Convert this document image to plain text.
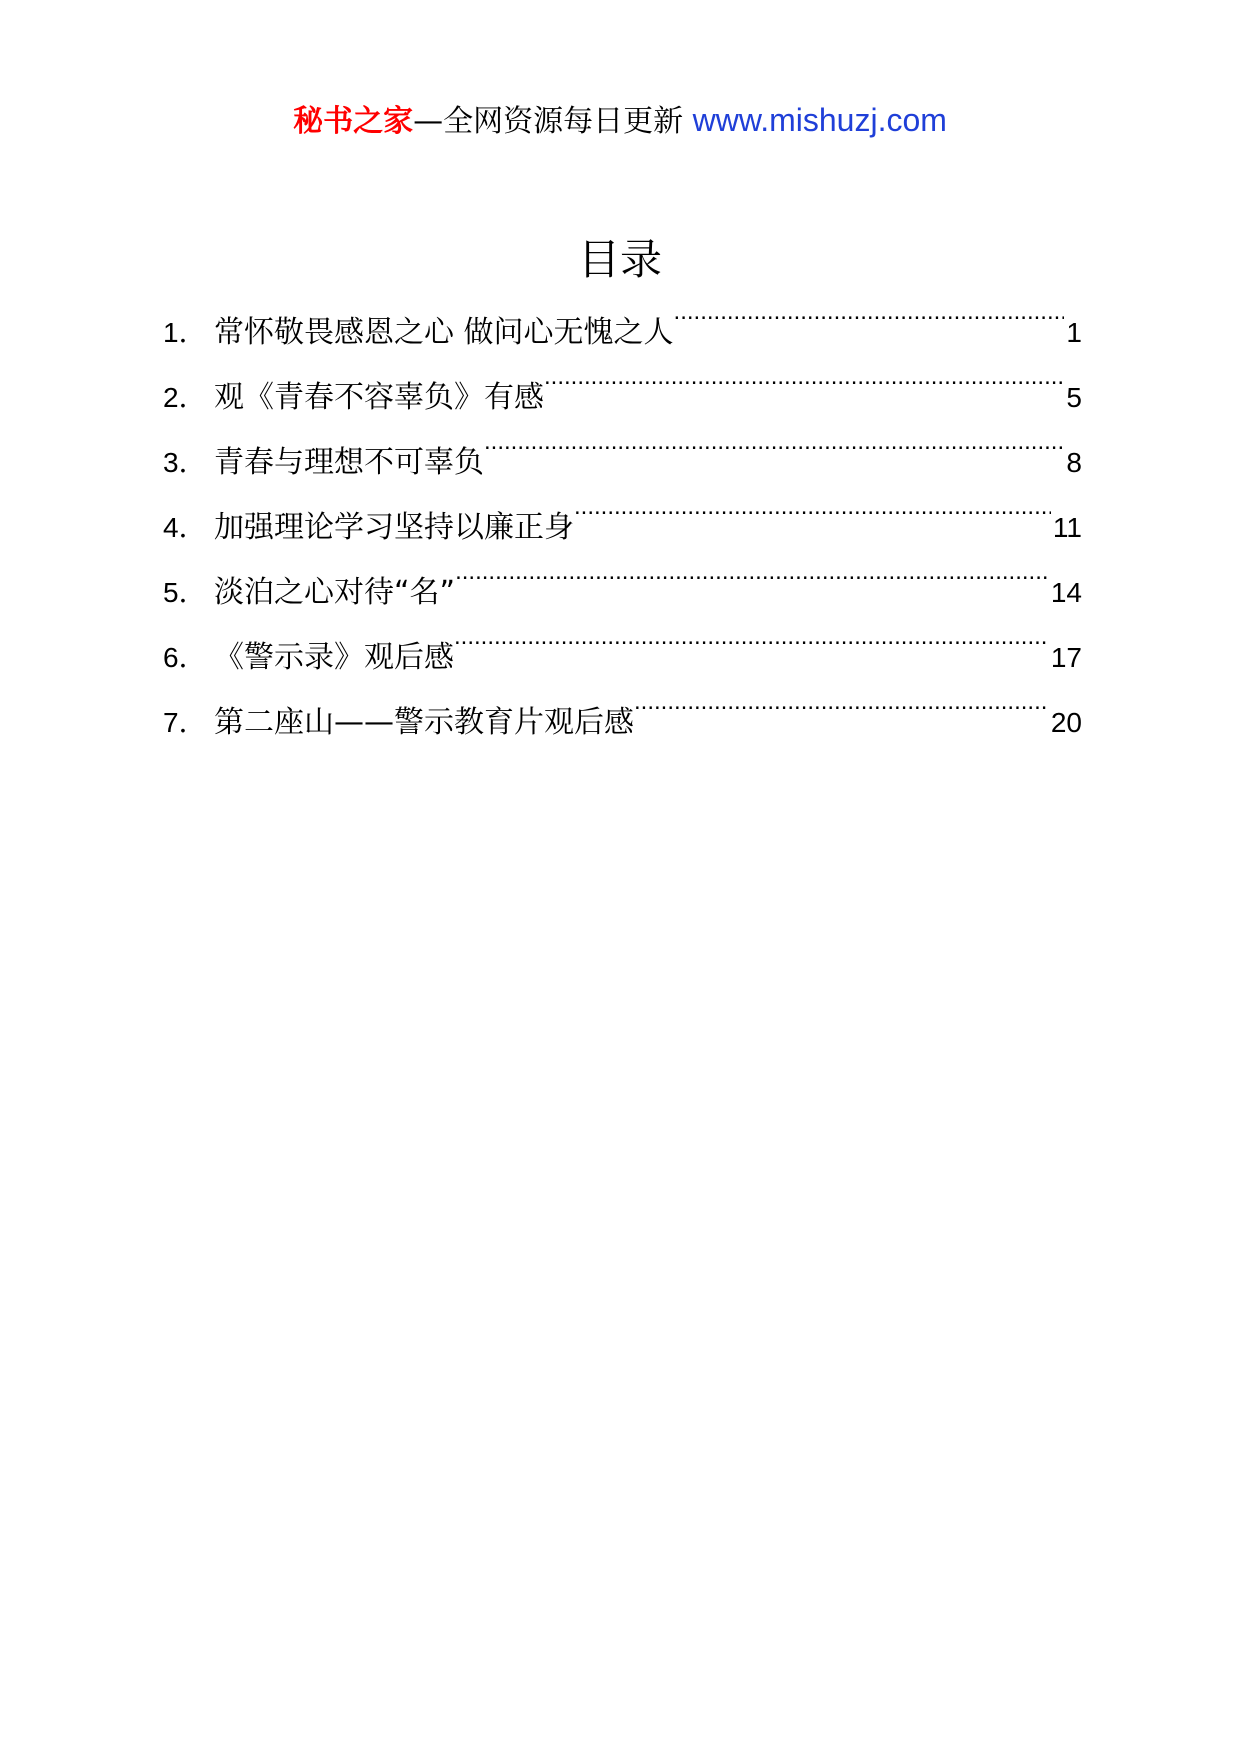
秘书之家—全网资源每日更新 www.mishuzj.com
目录
1． 常怀敬畏感恩之心 做问心无愧之人 .....	1
2． 观《青春不容辜负》有感 .....	5
3． 青春与理想不可辜负 .....	8
4． 加强理论学习坚持以廉正身 .....	11
5． 淡泊之心对待“名” .....	14
6． 《警示录》观后感 .....	17
7． 第二座山——警示教育片观后感 .....	20
